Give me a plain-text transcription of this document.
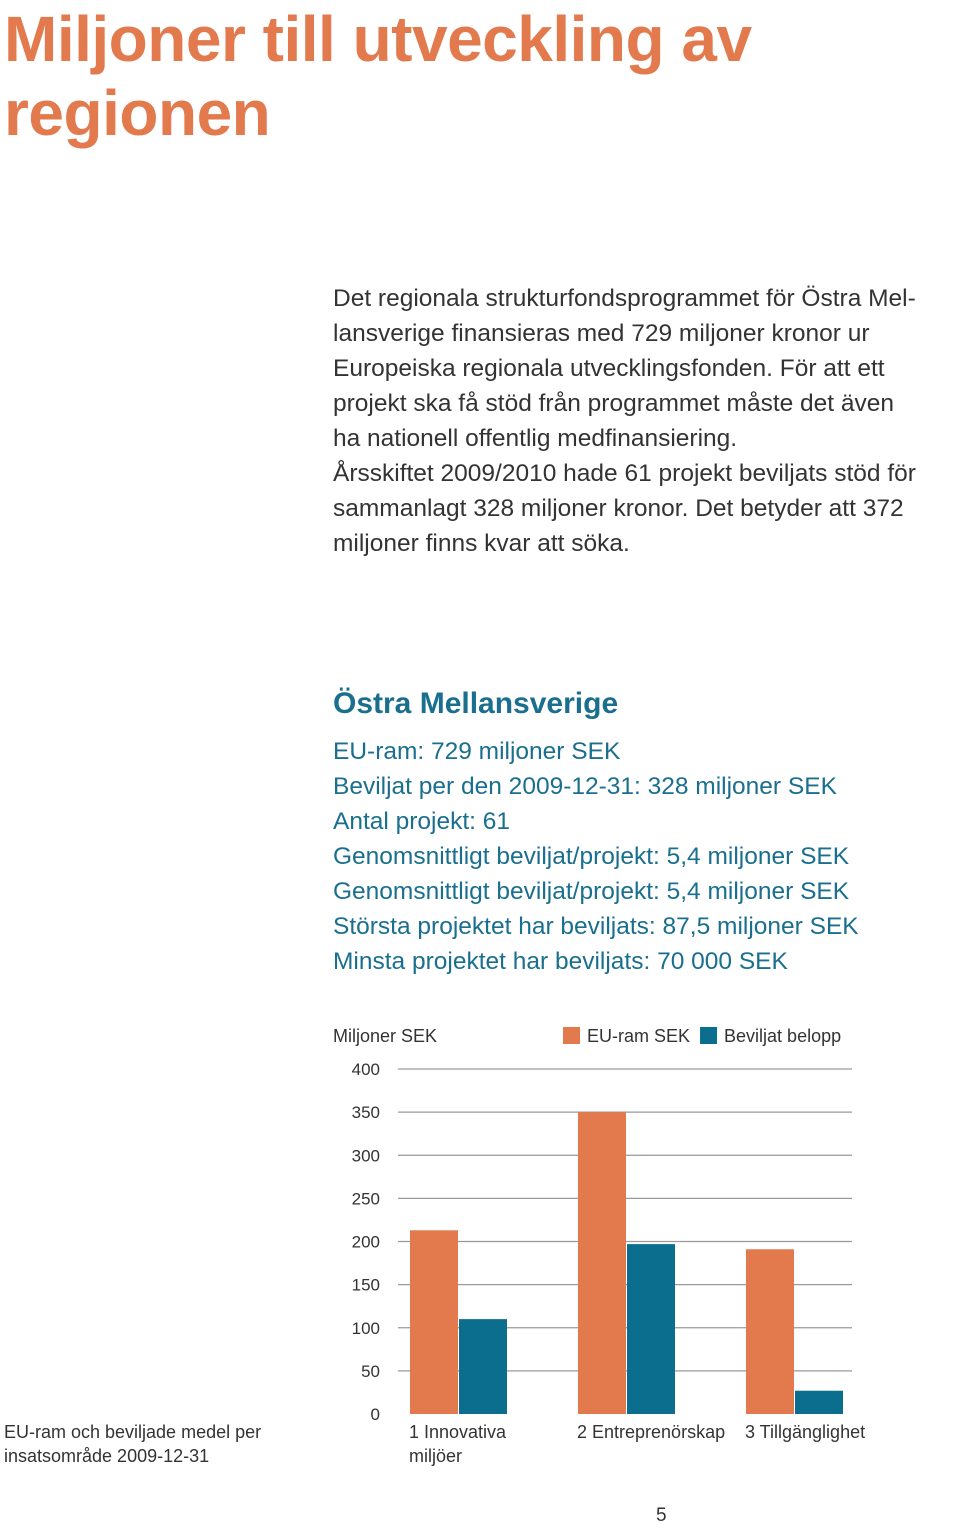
Miljoner till utveckling av
regionen

Det regionala strukturfondsprogrammet för Östra Mel-
lansverige finansieras med 729 miljoner kronor ur
Europeiska regionala utvecklingsfonden. För att ett
projekt ska få stöd från programmet måste det även
ha nationell offentlig medfinansiering.
Årsskiftet 2009/2010 hade 61 projekt beviljats stöd för
sammanlagt 328 miljoner kronor. Det betyder att 372
miljoner finns kvar att söka.

Östra Mellansverige
EU-ram: 729 miljoner SEK
Beviljat per den 2009-12-31: 328 miljoner SEK
Antal projekt: 61
Genomsnittligt beviljat/projekt: 5,4 miljoner SEK
Genomsnittligt beviljat/projekt: 5,4 miljoner SEK
Största projektet har beviljats: 87,5 miljoner SEK
Minsta projektet har beviljats: 70 000 SEK
0
50
100
150
200
250
300
350
400
Miljoner SEK	EU-ram SEK Beviljat belopp
1 Innovativa
miljöer
2 Entreprenörskap 3 Tillgänglighet
EU-ram och beviljade medel per
insatsområde 2009-12-31
5
